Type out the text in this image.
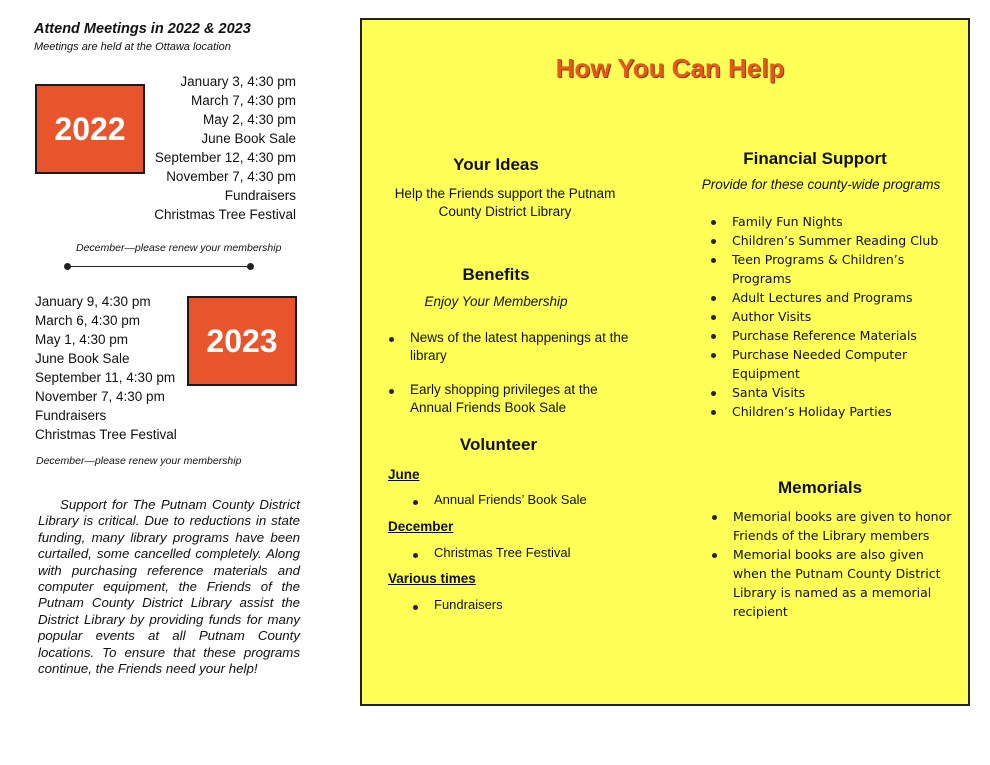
Attend Meetings in 2022 & 2023
Meetings are held at the Ottawa location
2022
January 3, 4:30 pm
March 7, 4:30 pm
May 2, 4:30 pm
June Book Sale
September 12, 4:30 pm
November 7, 4:30 pm
Fundraisers
Christmas Tree Festival
December—please renew your membership
January 9, 4:30 pm
March 6, 4:30 pm
May 1, 4:30 pm
June Book Sale
September 11, 4:30 pm
November 7, 4:30 pm
Fundraisers
Christmas Tree Festival
2023
December—please renew your membership
Support for The Putnam County District Library is critical. Due to reductions in state funding, many library programs have been curtailed, some cancelled completely. Along with purchasing reference materials and computer equipment, the Friends of the Putnam County District Library assist the District Library by providing funds for many popular events at all Putnam County locations. To ensure that these programs continue, the Friends need your help!
How You Can Help
Your Ideas
Help the Friends support the Putnam County District Library
Benefits
Enjoy Your Membership
News of the latest happenings at the library
Early shopping privileges at the Annual Friends Book Sale
Volunteer
June
Annual Friends’ Book Sale
December
Christmas Tree Festival
Various times
Fundraisers
Financial Support
Provide for these county-wide programs
Family Fun Nights
Children’s Summer Reading Club
Teen Programs & Children’s Programs
Adult Lectures and Programs
Author Visits
Purchase Reference Materials
Purchase Needed Computer Equipment
Santa Visits
Children’s Holiday Parties
Memorials
Memorial books are given to honor Friends of the Library members
Memorial books are also given when the Putnam County District Library is named as a memorial recipient
